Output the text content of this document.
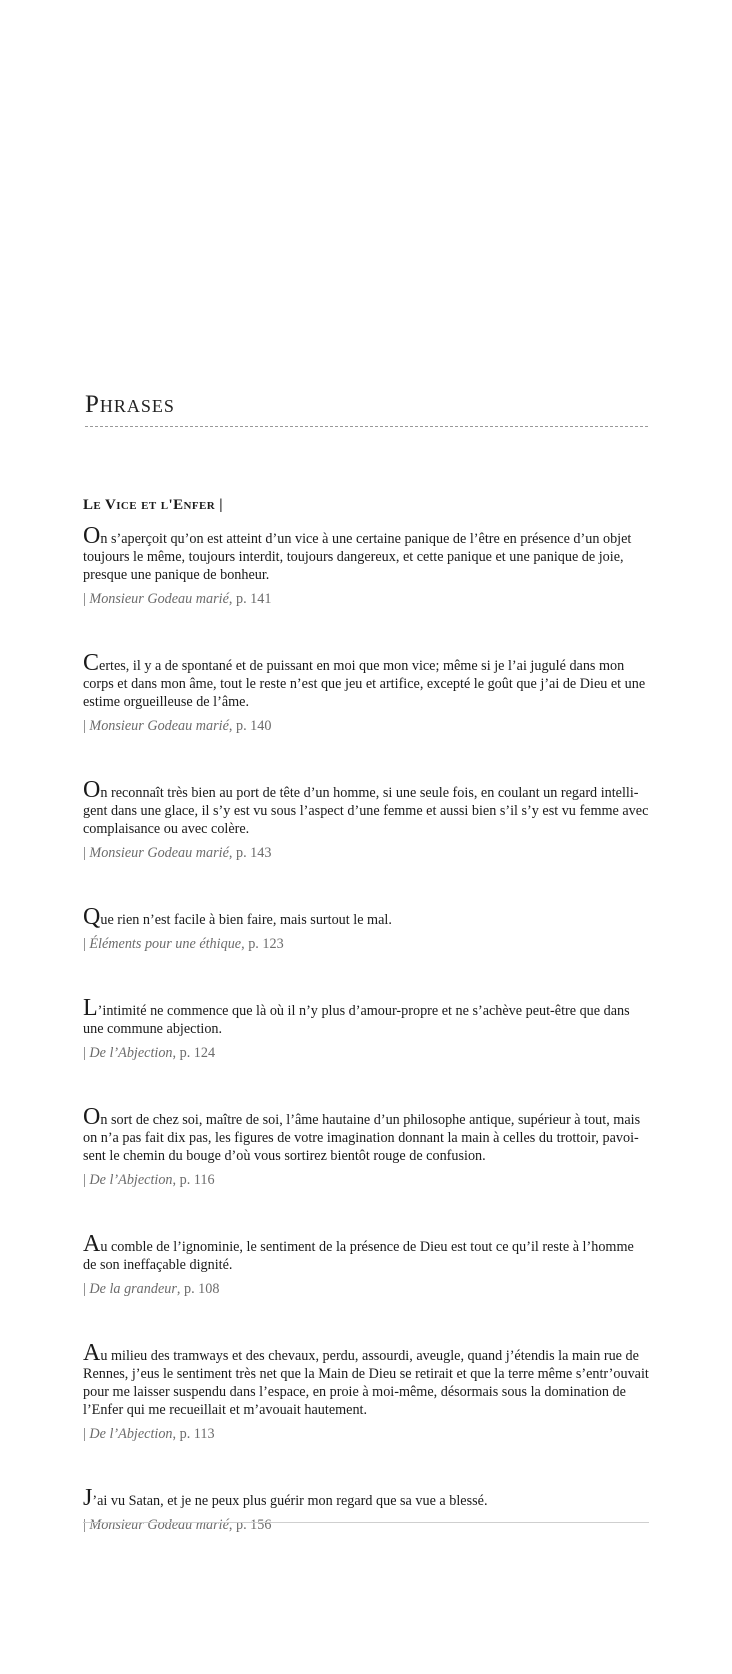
Phrases
Le Vice et l'Enfer |

On s’aperçoit qu’on est atteint d’un vice à une certaine panique de l’être en présence d’un objet toujours le même, toujours interdit, toujours dangereux, et cette panique et une panique de joie, presque une panique de bonheur.

| Monsieur Godeau marié, p. 141

Certes, il y a de spontané et de puissant en moi que mon vice; même si je l’ai jugulé dans mon corps et dans mon âme, tout le reste n’est que jeu et artifice, excepté le goût que j’ai de Dieu et une estime orgueilleuse de l’âme.

| Monsieur Godeau marié, p. 140

On reconnaît très bien au port de tête d’un homme, si une seule fois, en coulant un regard intelligent dans une glace, il s’y est vu sous l’aspect d’une femme et aussi bien s’il s’y est vu femme avec complaisance ou avec colère.

| Monsieur Godeau marié, p. 143

Que rien n’est facile à bien faire, mais surtout le mal.

| Éléments pour une éthique, p. 123

L’intimité ne commence que là où il n’y plus d’amour-propre et ne s’achève peut-être que dans une commune abjection.

| De l’Abjection, p. 124

On sort de chez soi, maître de soi, l’âme hautaine d’un philosophe antique, supérieur à tout, mais on n’a pas fait dix pas, les figures de votre imagination donnant la main à celles du trottoir, pavoisent le chemin du bouge d’où vous sortirez bientôt rouge de confusion.

| De l’Abjection, p. 116

Au comble de l’ignominie, le sentiment de la présence de Dieu est tout ce qu’il reste à l’homme de son ineffaçable dignité.

| De la grandeur, p. 108

Au milieu des tramways et des chevaux, perdu, assourdi, aveugle, quand j’étendis la main rue de Rennes, j’eus le sentiment très net que la Main de Dieu se retirait et que la terre même s’entr’ouvait pour me laisser suspendu dans l’espace, en proie à moi-même, désormais sous la domination de l’Enfer qui me recueillait et m’avouait hautement.

| De l’Abjection, p. 113

J’ai vu Satan, et je ne peux plus guérir mon regard que sa vue a blessé.

| Monsieur Godeau marié, p. 156
